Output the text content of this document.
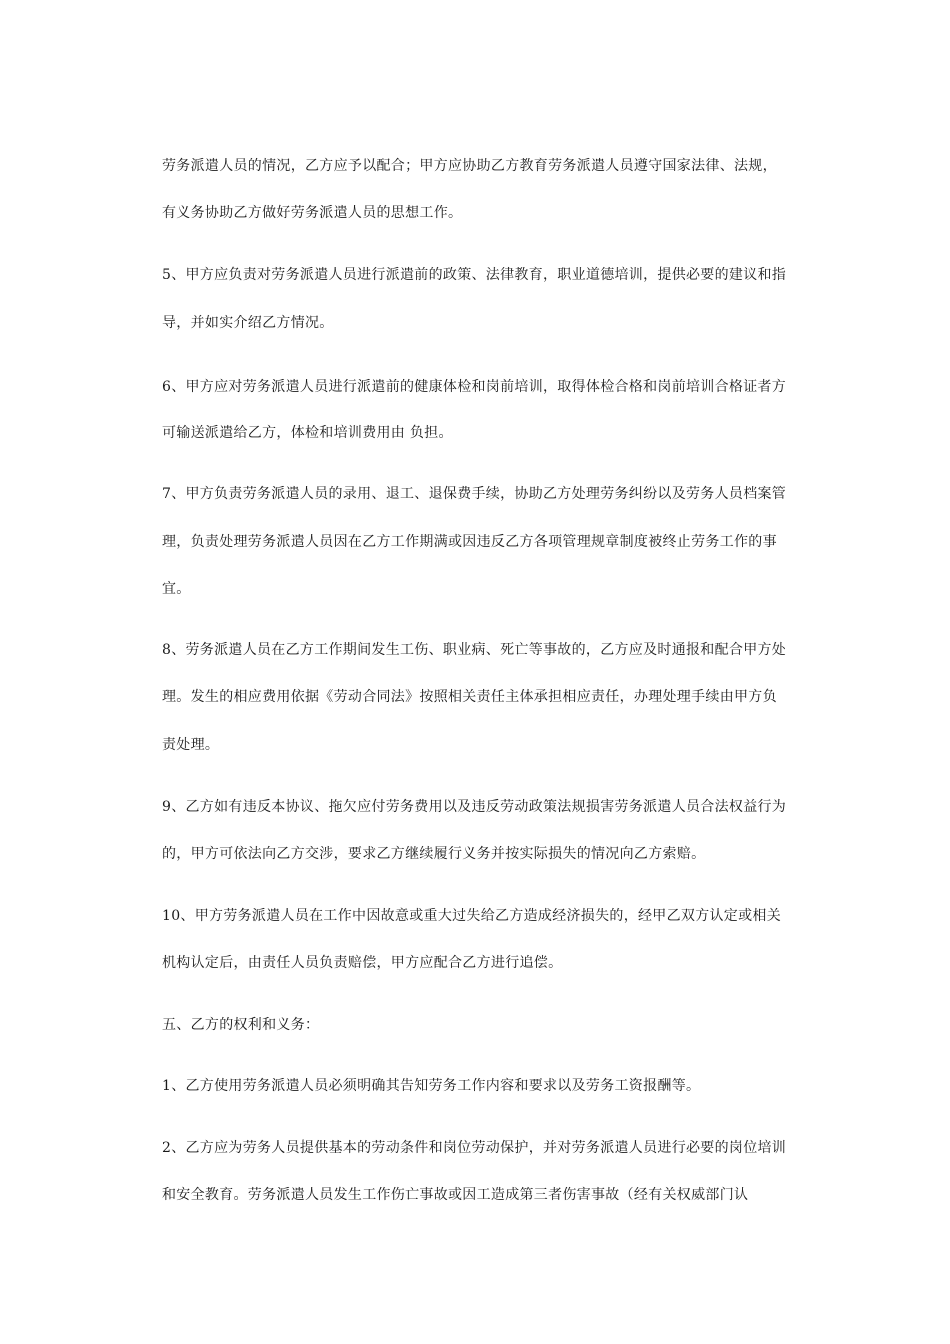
劳务派遣人员的情况，乙方应予以配合；甲方应协助乙方教育劳务派遣人员遵守国家法律、法规，
有义务协助乙方做好劳务派遣人员的思想工作。
5、甲方应负责对劳务派遣人员进行派遣前的政策、法律教育，职业道德培训，提供必要的建议和指
导，并如实介绍乙方情况。
6、甲方应对劳务派遣人员进行派遣前的健康体检和岗前培训，取得体检合格和岗前培训合格证者方
可输送派遣给乙方，体检和培训费用由 负担。
7、甲方负责劳务派遣人员的录用、退工、退保费手续，协助乙方处理劳务纠纷以及劳务人员档案管
理，负责处理劳务派遣人员因在乙方工作期满或因违反乙方各项管理规章制度被终止劳务工作的事
宜。
8、劳务派遣人员在乙方工作期间发生工伤、职业病、死亡等事故的，乙方应及时通报和配合甲方处
理。发生的相应费用依据《劳动合同法》按照相关责任主体承担相应责任，办理处理手续由甲方负
责处理。
9、乙方如有违反本协议、拖欠应付劳务费用以及违反劳动政策法规损害劳务派遣人员合法权益行为
的，甲方可依法向乙方交涉，要求乙方继续履行义务并按实际损失的情况向乙方索赔。
10、甲方劳务派遣人员在工作中因故意或重大过失给乙方造成经济损失的，经甲乙双方认定或相关
机构认定后，由责任人员负责赔偿，甲方应配合乙方进行追偿。
五、乙方的权利和义务：
1、乙方使用劳务派遣人员必须明确其告知劳务工作内容和要求以及劳务工资报酬等。
2、乙方应为劳务人员提供基本的劳动条件和岗位劳动保护，并对劳务派遣人员进行必要的岗位培训
和安全教育。劳务派遣人员发生工作伤亡事故或因工造成第三者伤害事故（经有关权威部门认
